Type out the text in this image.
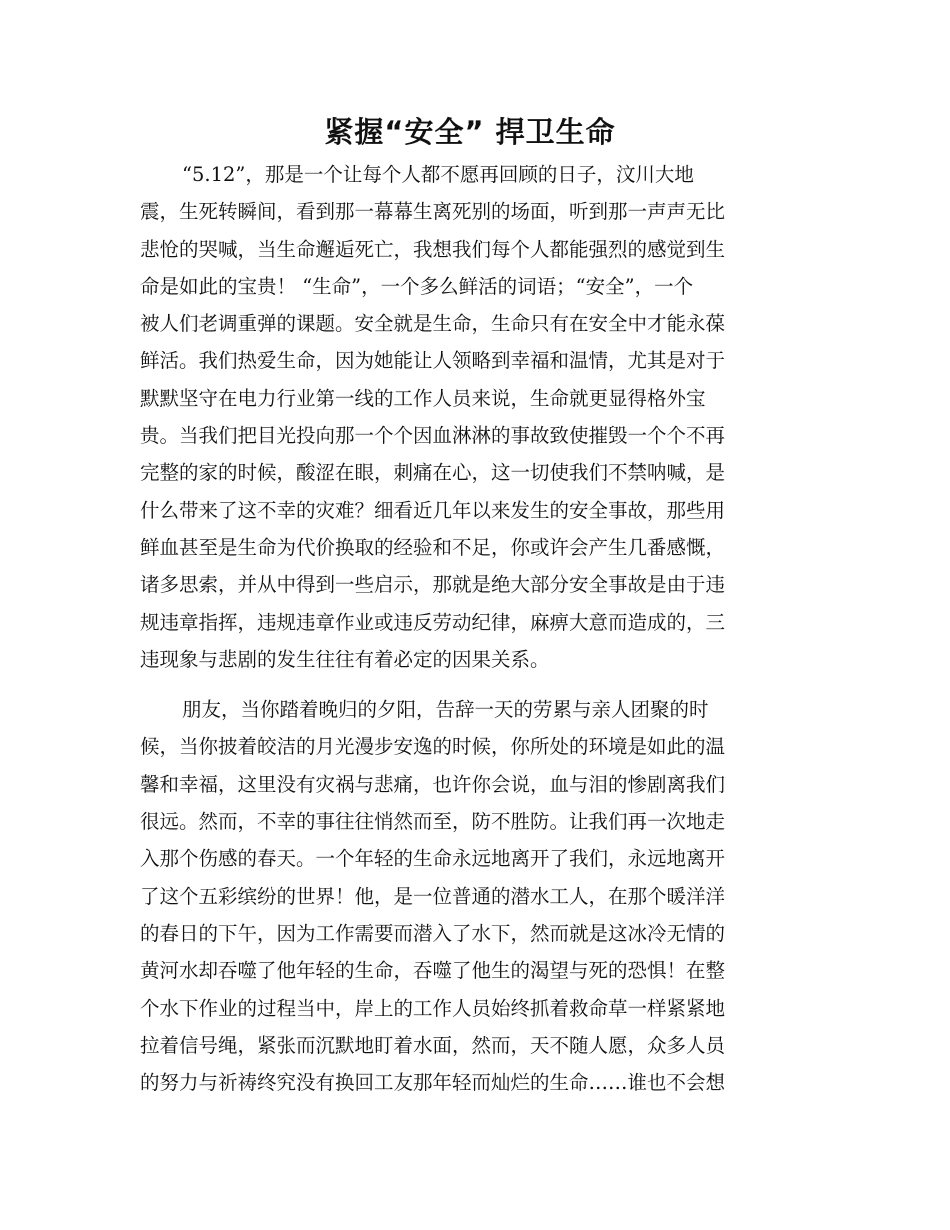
紧握“安全” 捍卫生命

“5.12”，那是一个让每个人都不愿再回顾的日子，汶川大地
震，生死转瞬间，看到那一幕幕生离死别的场面，听到那一声声无比
悲怆的哭喊，当生命邂逅死亡，我想我们每个人都能强烈的感觉到生
命是如此的宝贵！ “生命”，一个多么鲜活的词语；“安全”，一个
被人们老调重弹的课题。安全就是生命，生命只有在安全中才能永葆
鲜活。我们热爱生命，因为她能让人领略到幸福和温情，尤其是对于
默默坚守在电力行业第一线的工作人员来说，生命就更显得格外宝
贵。当我们把目光投向那一个个因血淋淋的事故致使摧毁一个个不再
完整的家的时候，酸涩在眼，刺痛在心，这一切使我们不禁呐喊，是
什么带来了这不幸的灾难？细看近几年以来发生的安全事故，那些用
鲜血甚至是生命为代价换取的经验和不足，你或许会产生几番感慨，
诸多思索，并从中得到一些启示，那就是绝大部分安全事故是由于违
规违章指挥，违规违章作业或违反劳动纪律，麻痹大意而造成的，三
违现象与悲剧的发生往往有着必定的因果关系。

朋友，当你踏着晚归的夕阳，告辞一天的劳累与亲人团聚的时
候，当你披着皎洁的月光漫步安逸的时候，你所处的环境是如此的温
馨和幸福，这里没有灾祸与悲痛，也许你会说，血与泪的惨剧离我们
很远。然而，不幸的事往往悄然而至，防不胜防。让我们再一次地走
入那个伤感的春天。一个年轻的生命永远地离开了我们，永远地离开
了这个五彩缤纷的世界！他，是一位普通的潜水工人，在那个暖洋洋
的春日的下午，因为工作需要而潜入了水下，然而就是这冰冷无情的
黄河水却吞噬了他年轻的生命，吞噬了他生的渴望与死的恐惧！在整
个水下作业的过程当中，岸上的工作人员始终抓着救命草一样紧紧地
拉着信号绳，紧张而沉默地盯着水面，然而，天不随人愿，众多人员
的努力与祈祷终究没有换回工友那年轻而灿烂的生命……谁也不会想
